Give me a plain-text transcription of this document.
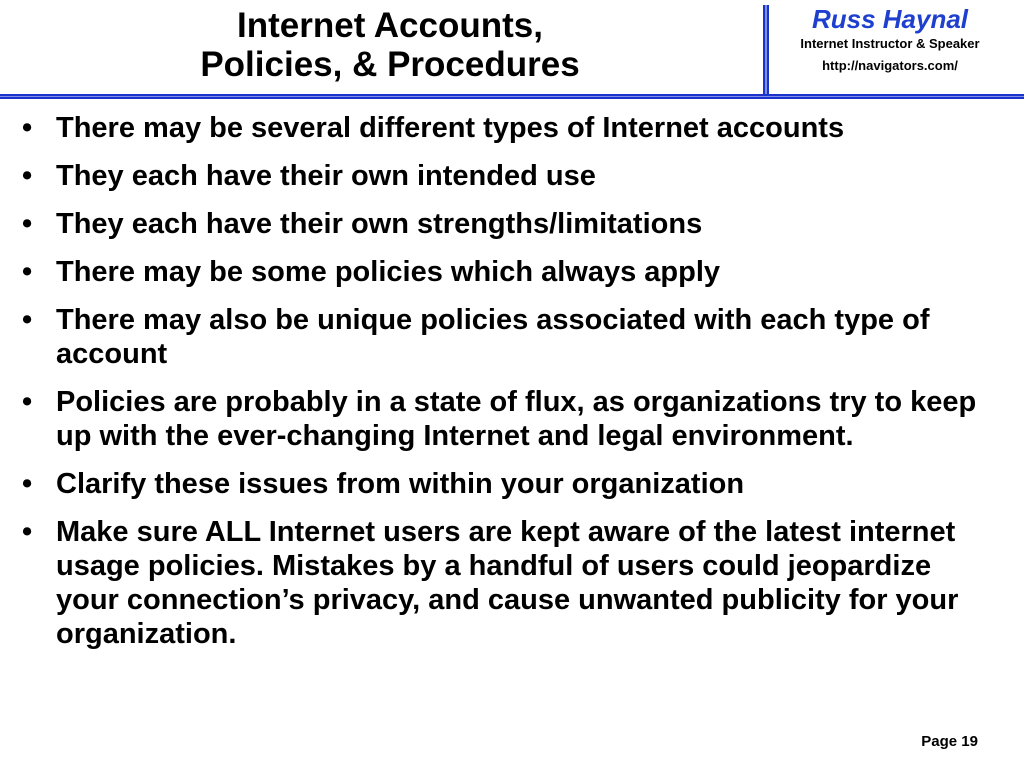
Internet Accounts,
Policies, & Procedures
Russ Haynal
Internet Instructor & Speaker
http://navigators.com/
• There may be several different types of Internet accounts
• They each have their own intended use
• They each have their own strengths/limitations
• There may be some policies which always apply
• There may also be unique policies associated with each type of account
• Policies are probably in a state of flux, as organizations try to keep up with the ever-changing Internet and legal environment.
• Clarify these issues from within your organization
• Make sure ALL Internet users are kept aware of the latest internet usage policies. Mistakes by a handful of users could jeopardize your connection’s privacy, and cause unwanted publicity for your organization.
Page 19
